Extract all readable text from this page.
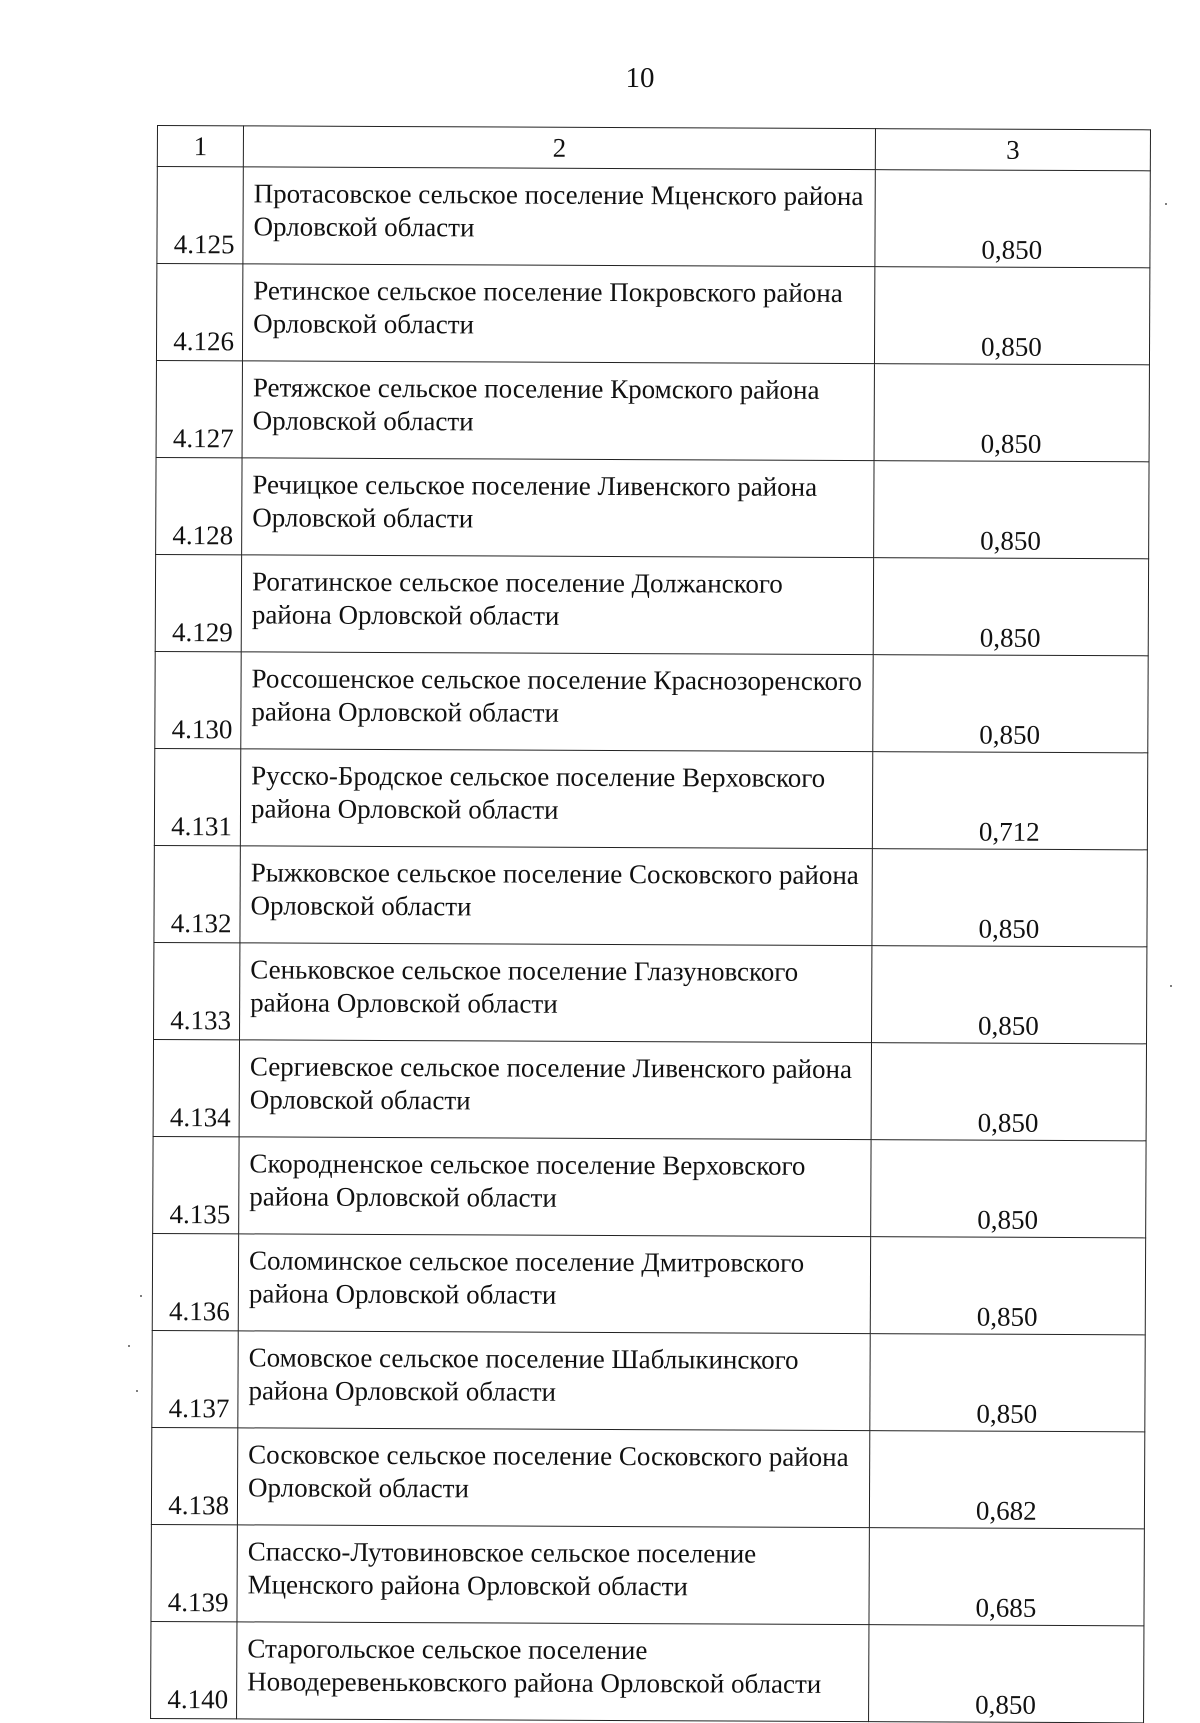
10
1	2	3
4.125	Протасовское сельское поселение Мценского района Орловской области	0,850
4.126	Ретинское сельское поселение Покровского района Орловской области	0,850
4.127	Ретяжское сельское поселение Кромского района Орловской области	0,850
4.128	Речицкое сельское поселение Ливенского района Орловской области	0,850
4.129	Рогатинское сельское поселение Должанского района Орловской области	0,850
4.130	Россошенское сельское поселение Краснозоренского района Орловской области	0,850
4.131	Русско-Бродское сельское поселение Верховского района Орловской области	0,712
4.132	Рыжковское сельское поселение Сосковского района Орловской области	0,850
4.133	Сеньковское сельское поселение Глазуновского района Орловской области	0,850
4.134	Сергиевское сельское поселение Ливенского района Орловской области	0,850
4.135	Скородненское сельское поселение Верховского района Орловской области	0,850
4.136	Соломинское сельское поселение Дмитровского района Орловской области	0,850
4.137	Сомовское сельское поселение Шаблыкинского района Орловской области	0,850
4.138	Сосковское сельское поселение Сосковского района Орловской области	0,682
4.139	Спасско-Лутовиновское сельское поселение Мценского района Орловской области	0,685
4.140	Старогольское сельское поселение Новодеревеньковского района Орловской области	0,850
